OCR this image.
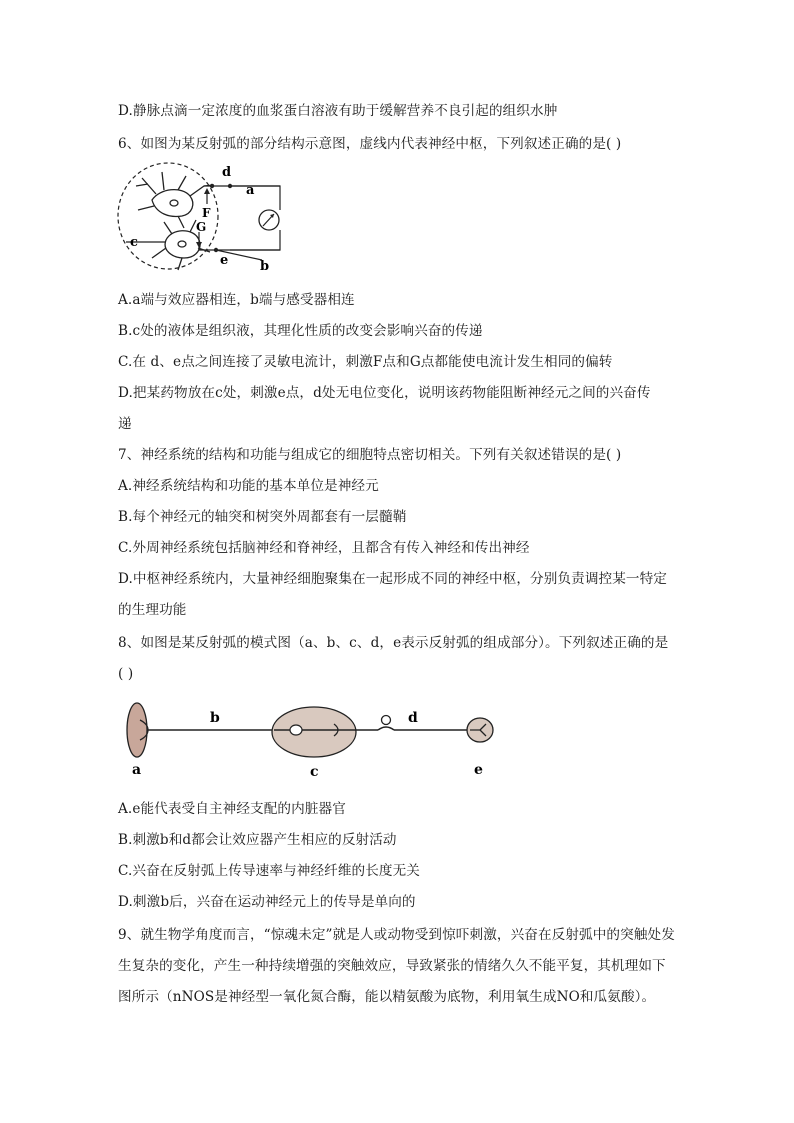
D.静脉点滴一定浓度的血浆蛋白溶液有助于缓解营养不良引起的组织水肿
6、如图为某反射弧的部分结构示意图，虚线内代表神经中枢，下列叙述正确的是( )
d
a
F
G
c
e b
A.a端与效应器相连，b端与感受器相连
B.c处的液体是组织液，其理化性质的改变会影响兴奋的传递
C.在 d、e点之间连接了灵敏电流计，刺激F点和G点都能使电流计发生相同的偏转
D.把某药物放在c处，刺激e点，d处无电位变化，说明该药物能阻断神经元之间的兴奋传
递
7、神经系统的结构和功能与组成它的细胞特点密切相关。下列有关叙述错误的是( )
A.神经系统结构和功能的基本单位是神经元
B.每个神经元的轴突和树突外周都套有一层髓鞘
C.外周神经系统包括脑神经和脊神经，且都含有传入神经和传出神经
D.中枢神经系统内，大量神经细胞聚集在一起形成不同的神经中枢，分别负责调控某一特定
的生理功能
8、如图是某反射弧的模式图（a、b、c、d，e表示反射弧的组成部分）。下列叙述正确的是
( )
a
b
c
d
e
A.e能代表受自主神经支配的内脏器官
B.刺激b和d都会让效应器产生相应的反射活动
C.兴奋在反射弧上传导速率与神经纤维的长度无关
D.刺激b后，兴奋在运动神经元上的传导是单向的
9、就生物学角度而言，“惊魂未定”就是人或动物受到惊吓刺激，兴奋在反射弧中的突触处发
生复杂的变化，产生一种持续增强的突触效应，导致紧张的情绪久久不能平复，其机理如下
图所示（nNOS是神经型一氧化氮合酶，能以精氨酸为底物，利用氧生成NO和瓜氨酸）。
